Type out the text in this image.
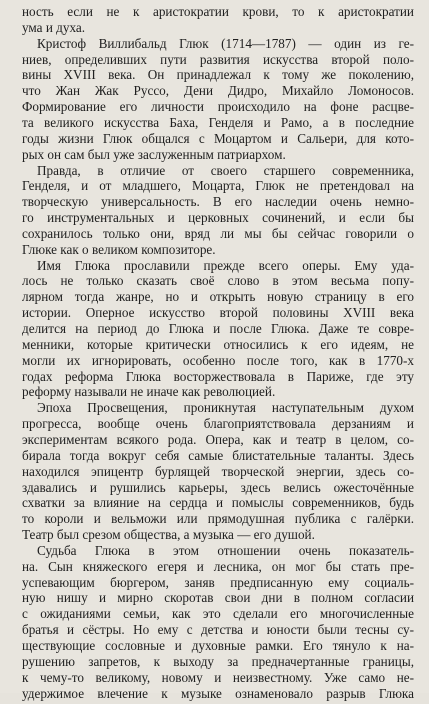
ность если не к аристократии крови, то к аристократии
ума и духа.
Кристоф Виллибальд Глюк (1714—1787) — один из ге-
ниев, определивших пути развития искусства второй поло-
вины XVIII века. Он принадлежал к тому же поколению,
что Жан Жак Руссо, Дени Дидро, Михайло Ломоносов.
Формирование его личности происходило на фоне расцве-
та великого искусства Баха, Генделя и Рамо, а в последние
годы жизни Глюк общался с Моцартом и Сальери, для кото-
рых он сам был уже заслуженным патриархом.
Правда, в отличие от своего старшего современника,
Генделя, и от младшего, Моцарта, Глюк не претендовал на
творческую универсальность. В его наследии очень немно-
го инструментальных и церковных сочинений, и если бы
сохранилось только они, вряд ли мы бы сейчас говорили о
Глюке как о великом композиторе.
Имя Глюка прославили прежде всего оперы. Ему уда-
лось не только сказать своё слово в этом весьма попу-
лярном тогда жанре, но и открыть новую страницу в его
истории. Оперное искусство второй половины XVIII века
делится на период до Глюка и после Глюка. Даже те совре-
менники, которые критически относились к его идеям, не
могли их игнорировать, особенно после того, как в 1770-х
годах реформа Глюка восторжествовала в Париже, где эту
реформу называли не иначе как революцией.
Эпоха Просвещения, проникнутая наступательным духом
прогресса, вообще очень благоприятствовала дерзаниям и
экспериментам всякого рода. Опера, как и театр в целом, со-
бирала тогда вокруг себя самые блистательные таланты. Здесь
находился эпицентр бурлящей творческой энергии, здесь со-
здавались и рушились карьеры, здесь велись ожесточённые
схватки за влияние на сердца и помыслы современников, будь
то короли и вельможи или прямодушная публика с галёрки.
Театр был срезом общества, а музыка — его душой.
Судьба Глюка в этом отношении очень показатель-
на. Сын княжеского егеря и лесника, он мог бы стать пре-
успевающим бюргером, заняв предписанную ему социаль-
ную нишу и мирно скоротав свои дни в полном согласии
с ожиданиями семьи, как это сделали его многочисленные
братья и сёстры. Но ему с детства и юности были тесны су-
ществующие сословные и духовные рамки. Его тянуло к на-
рушению запретов, к выходу за предначертанные границы,
к чему-то великому, новому и неизвестному. Уже само не-
удержимое влечение к музыке ознаменовало разрыв Глюка
